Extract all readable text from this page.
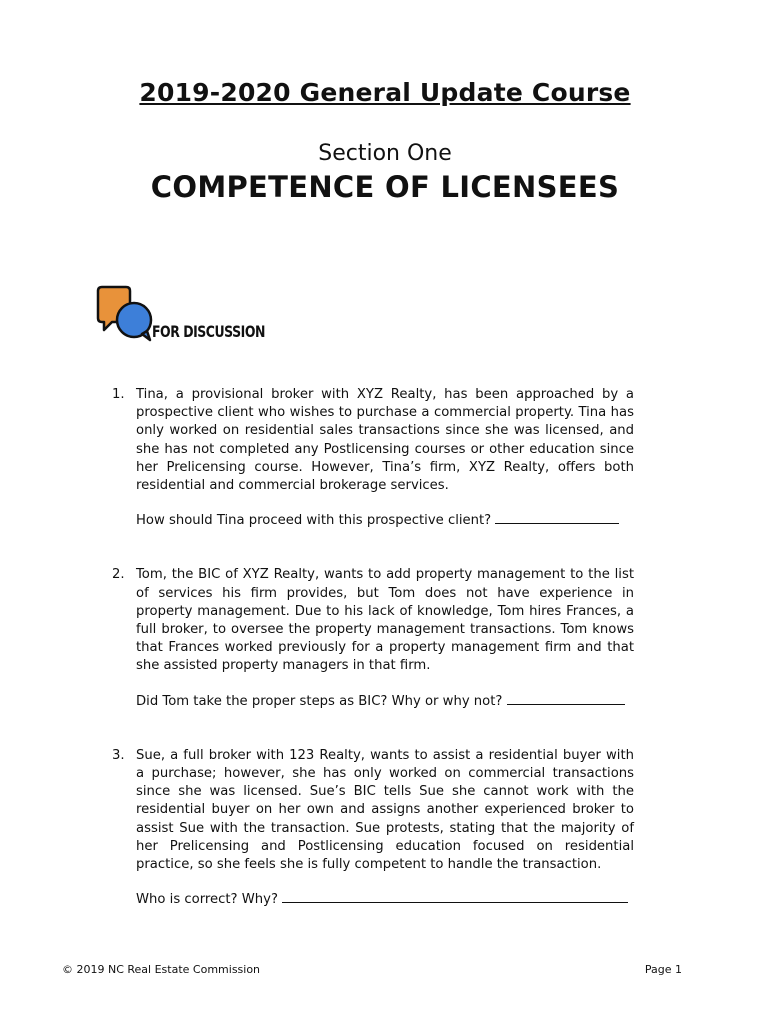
2019-2020 General Update Course
Section One
COMPETENCE OF LICENSEES
FOR DISCUSSION
1. Tina, a provisional broker with XYZ Realty, has been approached by a prospective client who wishes to purchase a commercial property. Tina has only worked on residential sales transactions since she was licensed, and she has not completed any Postlicensing courses or other education since her Prelicensing course. However, Tina’s firm, XYZ Realty, offers both residential and commercial brokerage services.
How should Tina proceed with this prospective client?
2. Tom, the BIC of XYZ Realty, wants to add property management to the list of services his firm provides, but Tom does not have experience in property management. Due to his lack of knowledge, Tom hires Frances, a full broker, to oversee the property management transactions. Tom knows that Frances worked previously for a property management firm and that she assisted property managers in that firm.
Did Tom take the proper steps as BIC? Why or why not?
3. Sue, a full broker with 123 Realty, wants to assist a residential buyer with a purchase; however, she has only worked on commercial transactions since she was licensed. Sue’s BIC tells Sue she cannot work with the residential buyer on her own and assigns another experienced broker to assist Sue with the transaction. Sue protests, stating that the majority of her Prelicensing and Postlicensing education focused on residential practice, so she feels she is fully competent to handle the transaction.
Who is correct? Why?
© 2019 NC Real Estate Commission	Page 1
